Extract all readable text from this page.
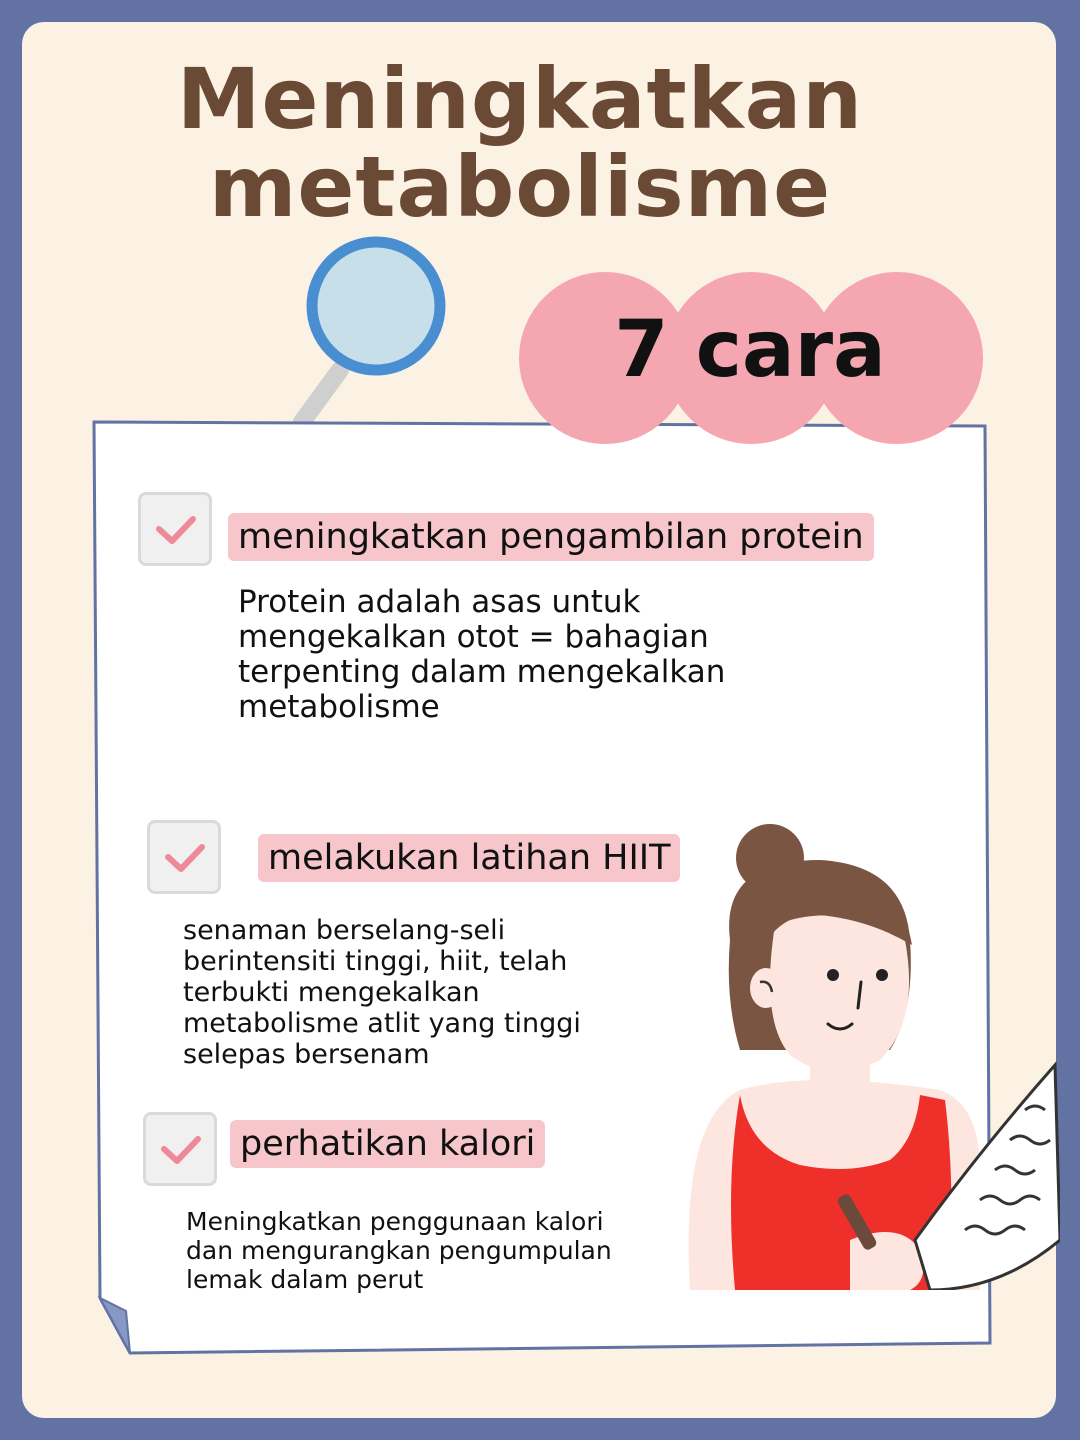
Meningkatkan
metabolisme
7 cara
meningkatkan pengambilan protein
Protein adalah asas untuk
mengekalkan otot = bahagian
terpenting dalam mengekalkan
metabolisme
melakukan latihan HIIT
senaman berselang-seli
berintensiti tinggi, hiit, telah
terbukti mengekalkan
metabolisme atlit yang tinggi
selepas bersenam
perhatikan kalori
Meningkatkan penggunaan kalori
dan mengurangkan pengumpulan
lemak dalam perut
